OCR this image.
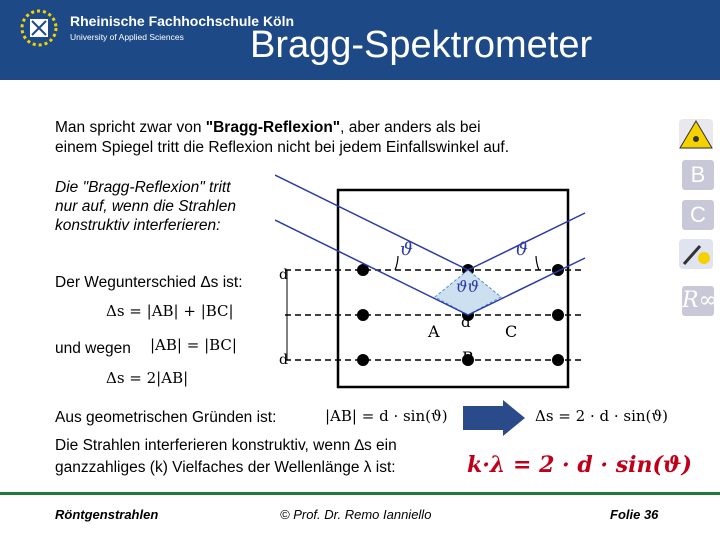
Rheinische Fachhochschule Köln
University of Applied Sciences Bragg-Spektrometer
Man spricht zwar von "Bragg-Reflexion", aber anders als bei
einem Spiegel tritt die Reflexion nicht bei jedem Einfallswinkel auf.
Die "Bragg-Reflexion" tritt
nur auf, wenn die Strahlen
konstruktiv interferieren:
Der Wegunterschied Δs ist:
Δs = |AB| + |BC|
und wegen |AB| = |BC|
Δs = 2|AB|
ϑ	ϑ
ϑϑ
d
d
d
A
B
C
Aus geometrischen Gründen ist:	|AB| = d · sin(ϑ)	Δs = 2 · d · sin(ϑ)
Die Strahlen interferieren konstruktiv, wenn ∆s ein
ganzzahliges (k) Vielfaches der Wellenlänge λ ist:	k·λ = 2 · d · sin(ϑ)
B
C
R∞
Röntgenstrahlen	© Prof. Dr. Remo Ianniello	Folie 36
